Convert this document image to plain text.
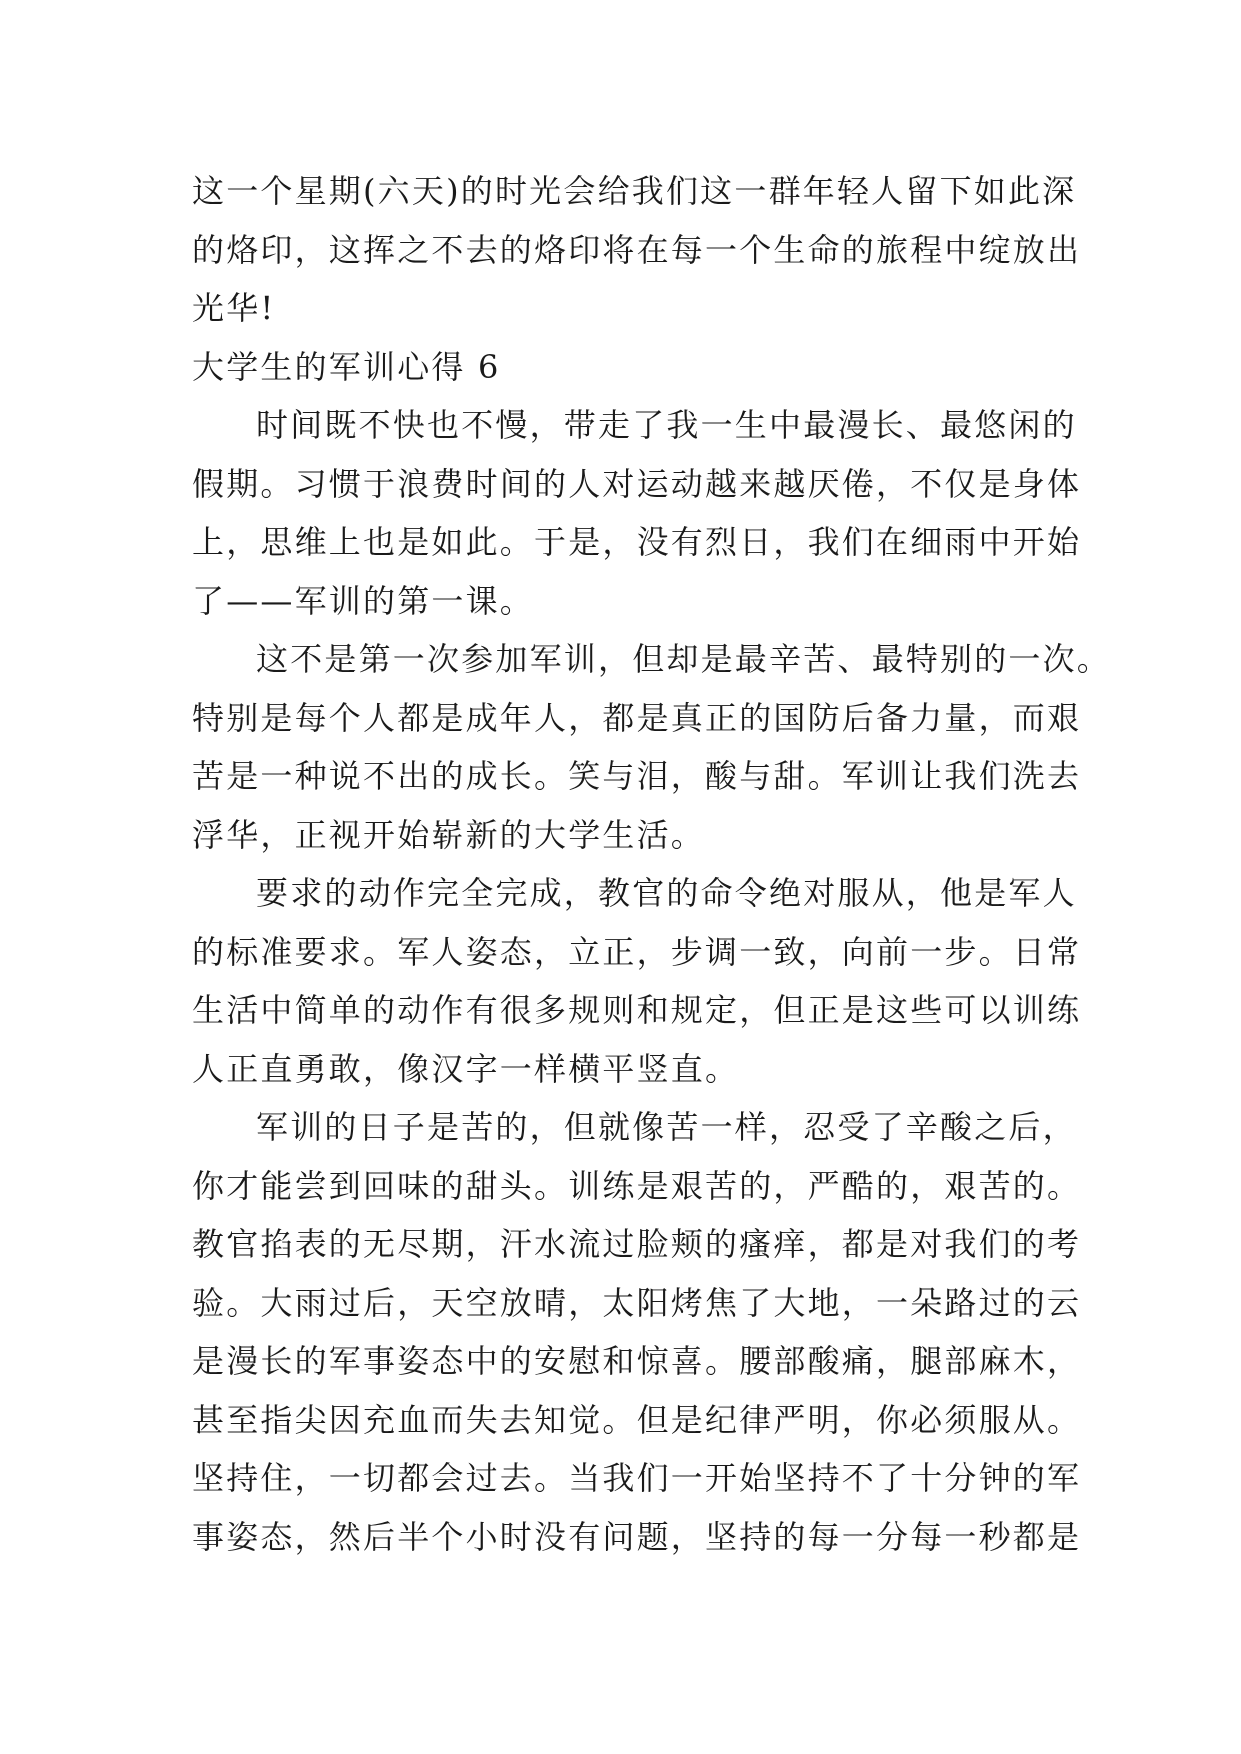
这一个星期(六天)的时光会给我们这一群年轻人留下如此深
的烙印，这挥之不去的烙印将在每一个生命的旅程中绽放出
光华!
大学生的军训心得 6
时间既不快也不慢，带走了我一生中最漫长、最悠闲的
假期。习惯于浪费时间的人对运动越来越厌倦，不仅是身体
上，思维上也是如此。于是，没有烈日，我们在细雨中开始
了——军训的第一课。
这不是第一次参加军训，但却是最辛苦、最特别的一次。
特别是每个人都是成年人，都是真正的国防后备力量，而艰
苦是一种说不出的成长。笑与泪，酸与甜。军训让我们洗去
浮华，正视开始崭新的大学生活。
要求的动作完全完成，教官的命令绝对服从，他是军人
的标准要求。军人姿态，立正，步调一致，向前一步。日常
生活中简单的动作有很多规则和规定，但正是这些可以训练
人正直勇敢，像汉字一样横平竖直。
军训的日子是苦的，但就像苦一样，忍受了辛酸之后，
你才能尝到回味的甜头。训练是艰苦的，严酷的，艰苦的。
教官掐表的无尽期，汗水流过脸颊的瘙痒，都是对我们的考
验。大雨过后，天空放晴，太阳烤焦了大地，一朵路过的云
是漫长的军事姿态中的安慰和惊喜。腰部酸痛，腿部麻木，
甚至指尖因充血而失去知觉。但是纪律严明，你必须服从。
坚持住，一切都会过去。当我们一开始坚持不了十分钟的军
事姿态，然后半个小时没有问题，坚持的每一分每一秒都是
